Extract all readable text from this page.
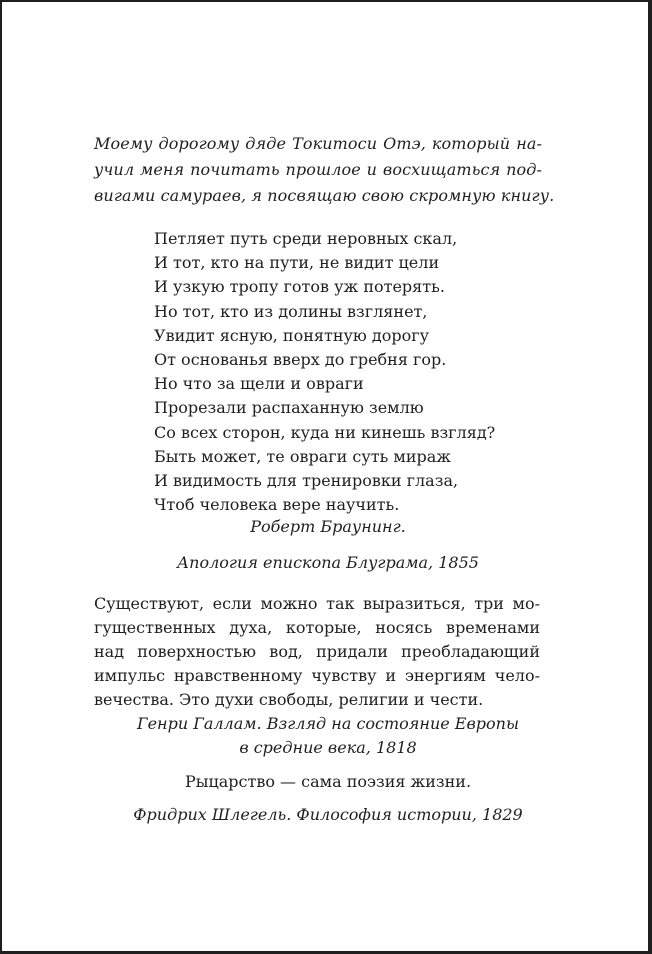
Моему дорогому дяде Токитоси Отэ, который на-
учил меня почитать прошлое и восхищаться под-
вигами самураев, я посвящаю свою скромную книгу.
Петляет путь среди неровных скал,
И тот, кто на пути, не видит цели
И узкую тропу готов уж потерять.
Но тот, кто из долины взглянет,
Увидит ясную, понятную дорогу
От основанья вверх до гребня гор.
Но что за щели и овраги
Прорезали распаханную землю
Со всех сторон, куда ни кинешь взгляд?
Быть может, те овраги суть мираж
И видимость для тренировки глаза,
Чтоб человека вере научить.
Роберт Браунинг.
Апология епископа Блуграма, 1855
Существуют, если можно так выразиться, три мо-
гущественных духа, которые, носясь временами
над поверхностью вод, придали преобладающий
импульс нравственному чувству и энергиям чело-
вечества. Это духи свободы, религии и чести.
Генри Галлам. Взгляд на состояние Европы
в средние века, 1818
Рыцарство — сама поэзия жизни.
Фридрих Шлегель. Философия истории, 1829
